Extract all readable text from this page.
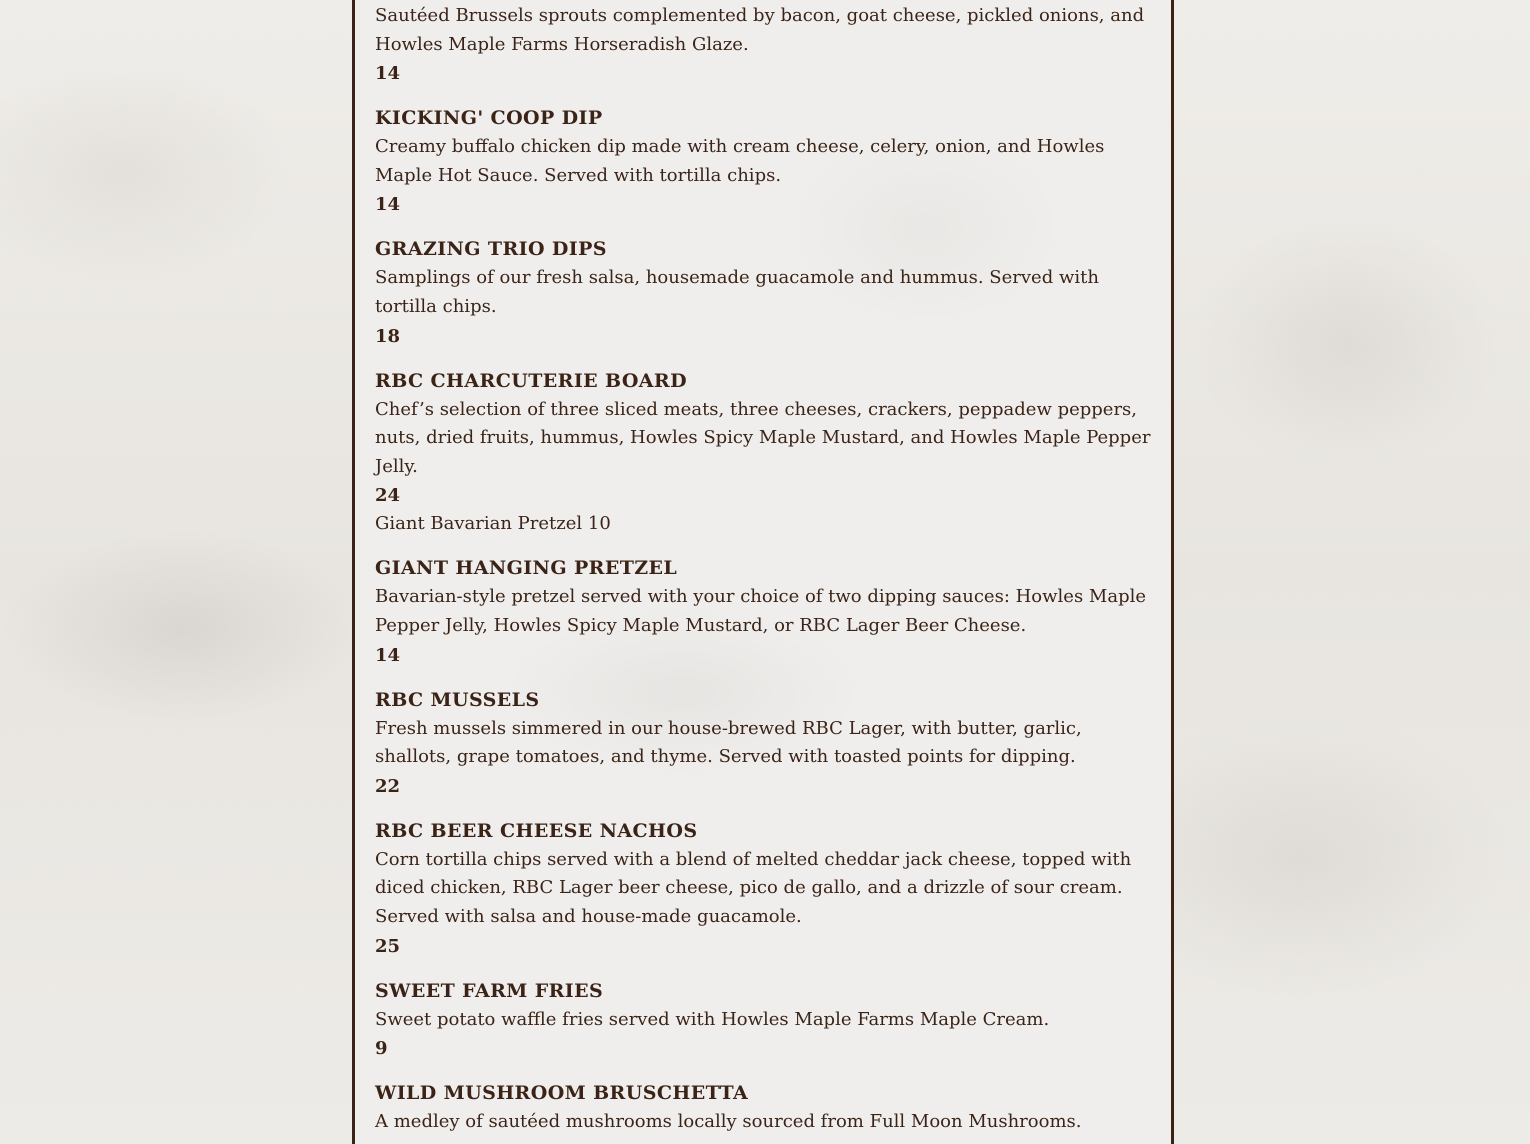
Sautéed Brussels sprouts complemented by bacon, goat cheese, pickled onions, and Howles Maple Farms Horseradish Glaze.

14

KICKING' COOP DIP

Creamy buffalo chicken dip made with cream cheese, celery, onion, and Howles Maple Hot Sauce. Served with tortilla chips.

14

GRAZING TRIO DIPS

Samplings of our fresh salsa, housemade guacamole and hummus. Served with tortilla chips.

18

RBC CHARCUTERIE BOARD

Chef’s selection of three sliced meats, three cheeses, crackers, peppadew peppers, nuts, dried fruits, hummus, Howles Spicy Maple Mustard, and Howles Maple Pepper Jelly.

24

Giant Bavarian Pretzel 10

GIANT HANGING PRETZEL

Bavarian-style pretzel served with your choice of two dipping sauces: Howles Maple Pepper Jelly, Howles Spicy Maple Mustard, or RBC Lager Beer Cheese.

14

RBC MUSSELS

Fresh mussels simmered in our house-brewed RBC Lager, with butter, garlic, shallots, grape tomatoes, and thyme. Served with toasted points for dipping.

22

RBC BEER CHEESE NACHOS

Corn tortilla chips served with a blend of melted cheddar jack cheese, topped with diced chicken, RBC Lager beer cheese, pico de gallo, and a drizzle of sour cream. Served with salsa and house-made guacamole.

25

SWEET FARM FRIES

Sweet potato waffle fries served with Howles Maple Farms Maple Cream.

9

WILD MUSHROOM BRUSCHETTA

A medley of sautéed mushrooms locally sourced from Full Moon Mushrooms.
